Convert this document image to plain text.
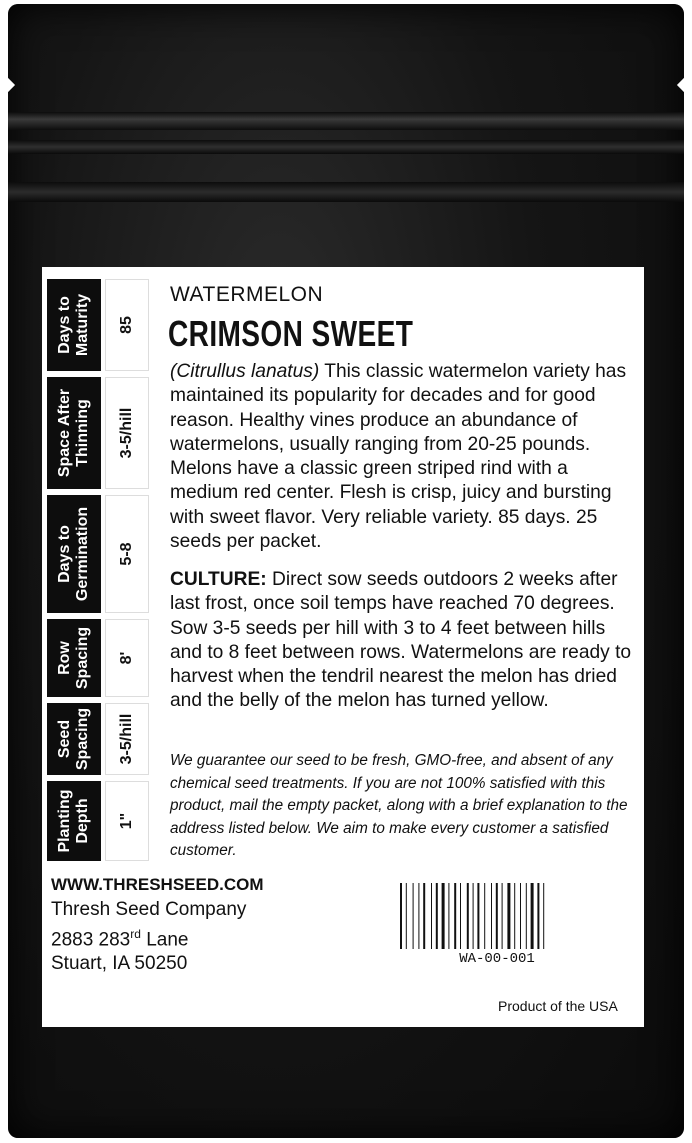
Days to Maturity 85
Space After Thinning 3-5/hill
Days to Germination 5-8
Row Spacing 8'
Seed Spacing 3-5/hill
Planting Depth 1"
WATERMELON
CRIMSON SWEET
(Citrullus lanatus) This classic watermelon variety has maintained its popularity for decades and for good reason. Healthy vines produce an abundance of watermelons, usually ranging from 20-25 pounds. Melons have a classic green striped rind with a medium red center. Flesh is crisp, juicy and bursting with sweet flavor. Very reliable variety. 85 days. 25 seeds per packet.
CULTURE: Direct sow seeds outdoors 2 weeks after last frost, once soil temps have reached 70 degrees. Sow 3-5 seeds per hill with 3 to 4 feet between hills and to 8 feet between rows. Watermelons are ready to harvest when the tendril nearest the melon has dried and the belly of the melon has turned yellow.
We guarantee our seed to be fresh, GMO-free, and absent of any chemical seed treatments. If you are not 100% satisfied with this product, mail the empty packet, along with a brief explanation to the address listed below. We aim to make every customer a satisfied customer.
WWW.THRESHSEED.COM
Thresh Seed Company
2883 283rd Lane
Stuart, IA 50250	WA-00-001
Product of the USA
